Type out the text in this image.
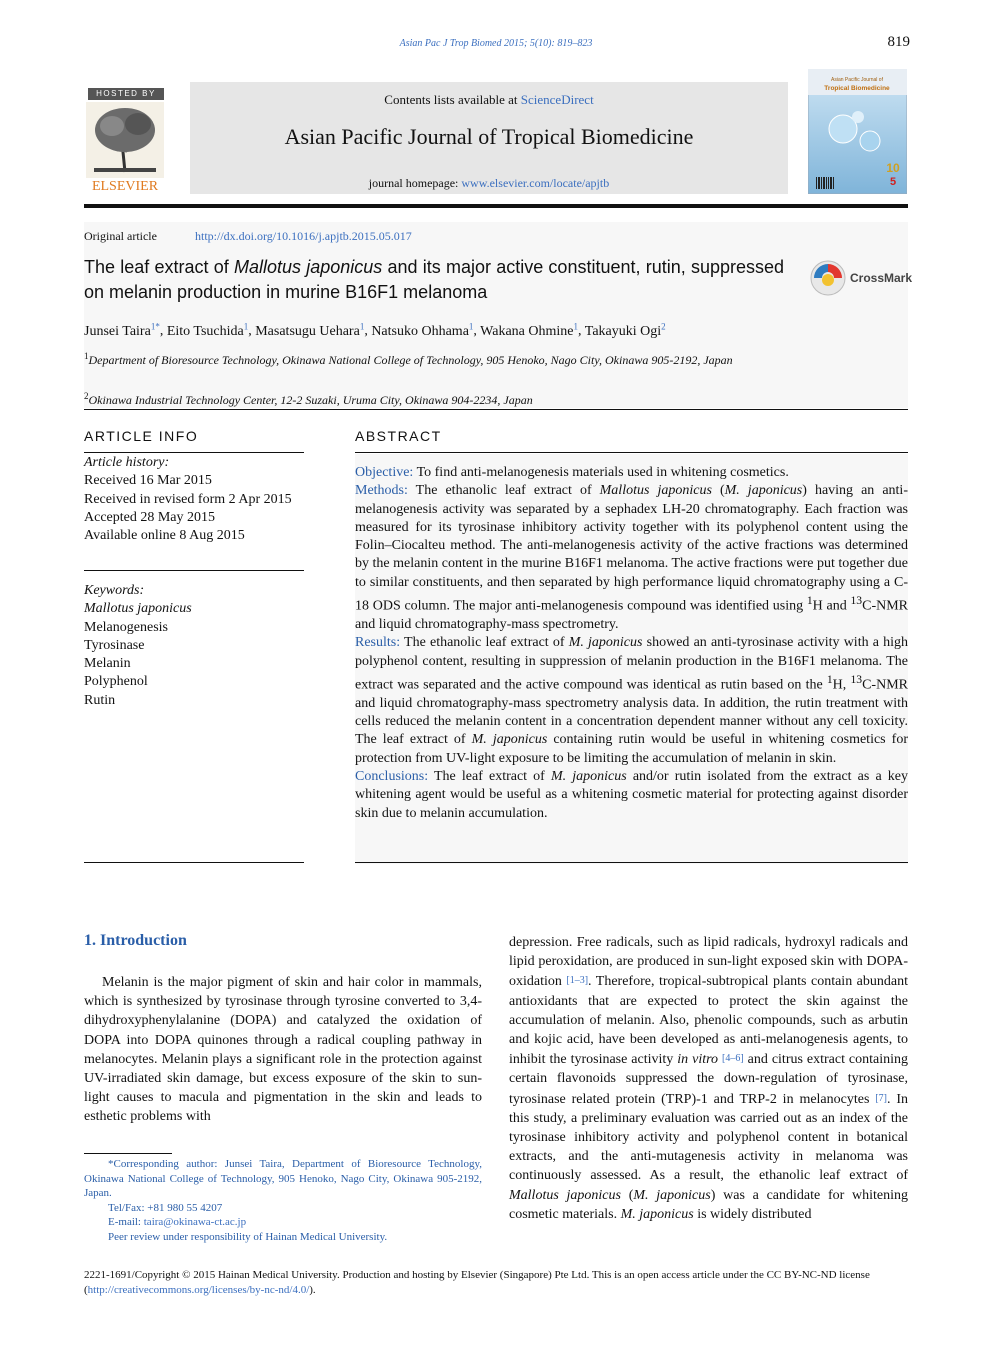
Asian Pac J Trop Biomed 2015; 5(10): 819–823	819
HOSTED BY
ELSEVIER
Contents lists available at ScienceDirect
Asian Pacific Journal of Tropical Biomedicine
journal homepage: www.elsevier.com/locate/apjtb
Asian Pacific Journal of
Tropical Biomedicine
10
5
Original article	http://dx.doi.org/10.1016/j.apjtb.2015.05.017
The leaf extract of Mallotus japonicus and its major active constituent, rutin, suppressed on melanin production in murine B16F1 melanoma
CrossMark
Junsei Taira$^{1*}$, Eito Tsuchida$^1$, Masatsugu Uehara$^1$, Natsuko Ohhama$^1$, Wakana Ohmine$^1$, Takayuki Ogi$^2$
$^1$Department of Bioresource Technology, Okinawa National College of Technology, 905 Henoko, Nago City, Okinawa 905-2192, Japan
$^2$Okinawa Industrial Technology Center, 12-2 Suzaki, Uruma City, Okinawa 904-2234, Japan
ARTICLE INFO
Article history:
Received 16 Mar 2015
Received in revised form 2 Apr 2015
Accepted 28 May 2015
Available online 8 Aug 2015
Keywords:
Mallotus japonicus
Melanogenesis
Tyrosinase
Melanin
Polyphenol
Rutin
ABSTRACT
Objective: To find anti-melanogenesis materials used in whitening cosmetics.
Methods: The ethanolic leaf extract of Mallotus japonicus (M. japonicus) having an anti-melanogenesis activity was separated by a sephadex LH-20 chromatography. Each fraction was measured for its tyrosinase inhibitory activity together with its polyphenol content using the Folin–Ciocalteu method. The anti-melanogenesis activity of the active fractions was determined by the melanin content in the murine B16F1 melanoma. The active fractions were put together due to similar constituents, and then separated by high performance liquid chromatography using a C-18 ODS column. The major anti-melanogenesis compound was identified using $^1$H and $^{13}$C-NMR and liquid chromatography-mass spectrometry.
Results: The ethanolic leaf extract of M. japonicus showed an anti-tyrosinase activity with a high polyphenol content, resulting in suppression of melanin production in the B16F1 melanoma. The extract was separated and the active compound was identical as rutin based on the $^1$H, $^{13}$C-NMR and liquid chromatography-mass spectrometry analysis data. In addition, the rutin treatment with cells reduced the melanin content in a concentration dependent manner without any cell toxicity. The leaf extract of M. japonicus containing rutin would be useful in whitening cosmetics for protection from UV-light exposure to be limiting the accumulation of melanin in skin.
Conclusions: The leaf extract of M. japonicus and/or rutin isolated from the extract as a key whitening agent would be useful as a whitening cosmetic material for protecting against disorder skin due to melanin accumulation.
1. Introduction
Melanin is the major pigment of skin and hair color in mammals, which is synthesized by tyrosinase through tyrosine converted to 3,4-dihydroxyphenylalanine (DOPA) and catalyzed the oxidation of DOPA into DOPA quinones through a radical coupling pathway in melanocytes. Melanin plays a significant role in the protection against UV-irradiated skin damage, but excess exposure of the skin to sun-light causes to macula and pigmentation in the skin and leads to esthetic problems with
depression. Free radicals, such as lipid radicals, hydroxyl radicals and lipid peroxidation, are produced in sun-light exposed skin with DOPA-oxidation [1–3]. Therefore, tropical-subtropical plants contain abundant antioxidants that are expected to protect the skin against the accumulation of melanin. Also, phenolic compounds, such as arbutin and kojic acid, have been developed as anti-melanogenesis agents, to inhibit the tyrosinase activity in vitro [4–6] and citrus extract containing certain flavonoids suppressed the down-regulation of tyrosinase, tyrosinase related protein (TRP)-1 and TRP-2 in melanocytes [7]. In this study, a preliminary evaluation was carried out as an index of the tyrosinase inhibitory activity and polyphenol content in botanical extracts, and the anti-mutagenesis activity in melanoma was continuously assessed. As a result, the ethanolic leaf extract of Mallotus japonicus (M. japonicus) was a candidate for whitening cosmetic materials. M. japonicus is widely distributed
*Corresponding author: Junsei Taira, Department of Bioresource Technology, Okinawa National College of Technology, 905 Henoko, Nago City, Okinawa 905-2192, Japan.
Tel/Fax: +81 980 55 4207
E-mail: taira@okinawa-ct.ac.jp
Peer review under responsibility of Hainan Medical University.
2221-1691/Copyright © 2015 Hainan Medical University. Production and hosting by Elsevier (Singapore) Pte Ltd. This is an open access article under the CC BY-NC-ND license (http://creativecommons.org/licenses/by-nc-nd/4.0/).
